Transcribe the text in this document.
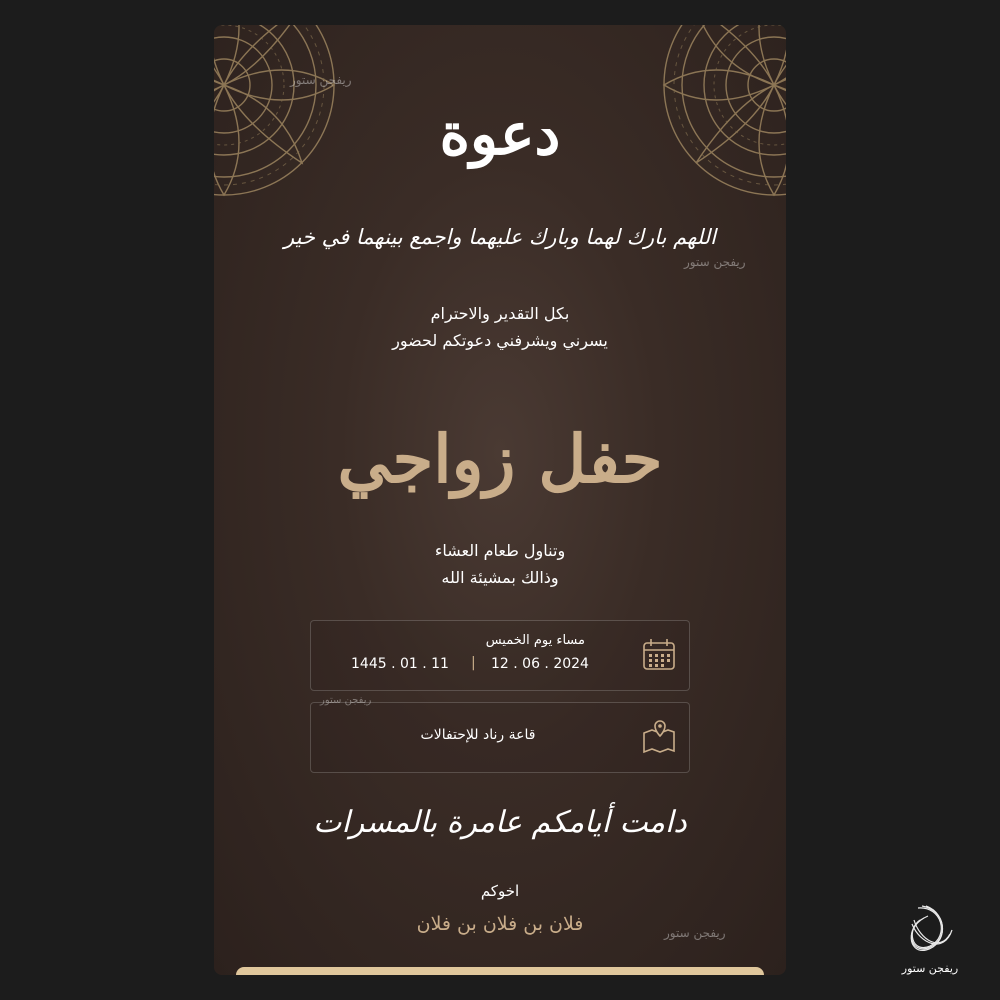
ريفجن ستور
ريفجن ستور
ريفجن ستور
ريفجن ستور
دعوة
اللهم بارك لهما وبارك عليهما واجمع بينهما في خير
بكل التقدير والاحترام
يسرني ويشرفني دعوتكم لحضور
حفل زواجي
وتناول طعام العشاء
وذالك بمشيئة الله
مساء يوم الخميس
12 . 06 . 2024
|
1445 . 01 . 11
قاعة رناد للإحتفالات
دامت أيامكم عامرة بالمسرات
اخوكم
فلان بن فلان بن فلان
ريفجن ستور
